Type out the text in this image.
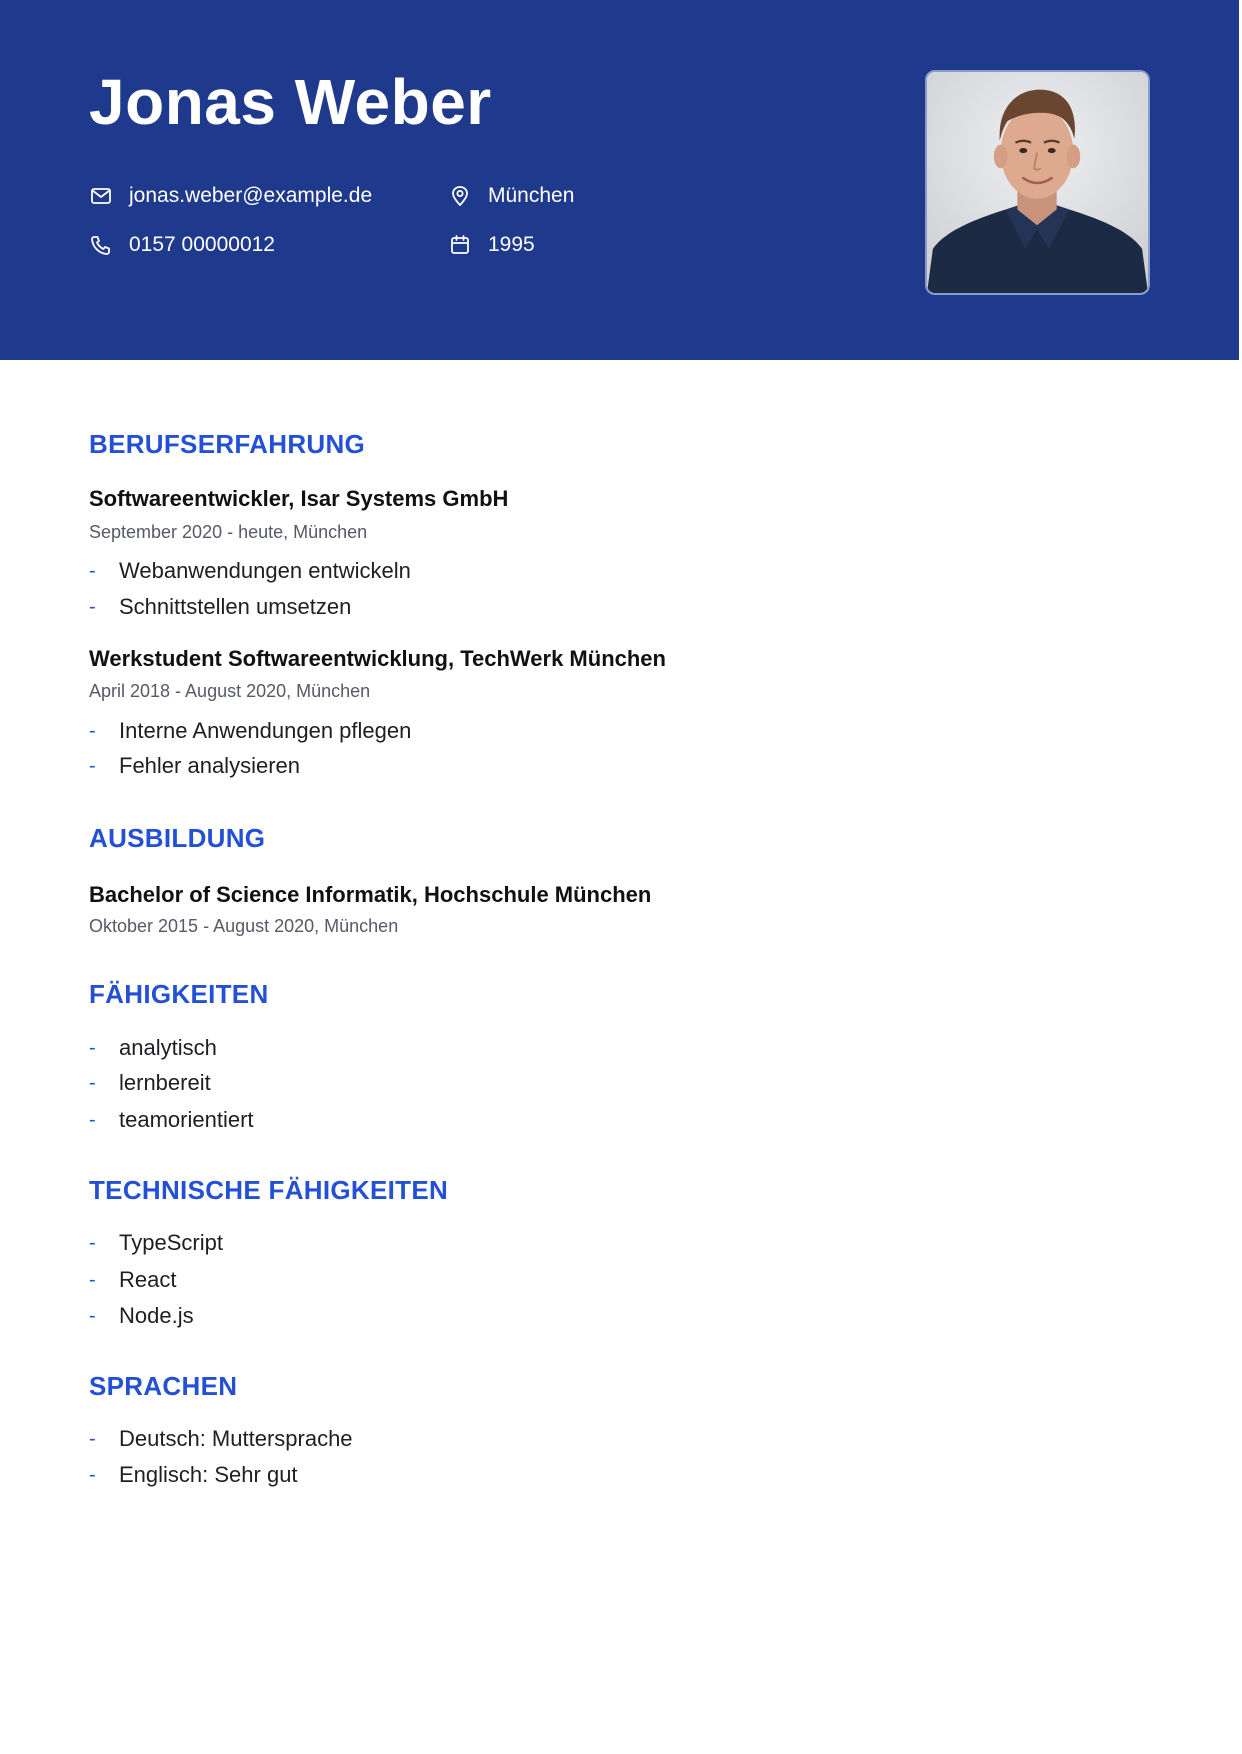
Jonas Weber
jonas.weber@example.de
0157 00000012
München
1995
BERUFSERFAHRUNG
Softwareentwickler, Isar Systems GmbH
September 2020 - heute, München
-	Webanwendungen entwickeln
-	Schnittstellen umsetzen
Werkstudent Softwareentwicklung, TechWerk München
April 2018 - August 2020, München
-	Interne Anwendungen pflegen
-	Fehler analysieren
AUSBILDUNG
Bachelor of Science Informatik, Hochschule München
Oktober 2015 - August 2020, München
FÄHIGKEITEN
-	analytisch
-	lernbereit
-	teamorientiert
TECHNISCHE FÄHIGKEITEN
-	TypeScript
-	React
-	Node.js
SPRACHEN
-	Deutsch: Muttersprache
-	Englisch: Sehr gut
